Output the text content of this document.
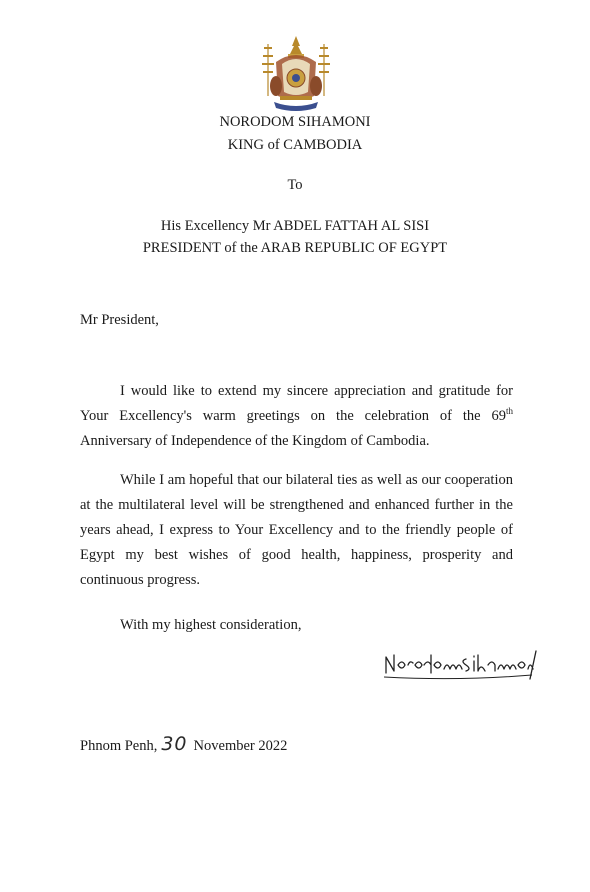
NORODOM SIHAMONI
KING of CAMBODIA
To
His Excellency Mr ABDEL FATTAH AL SISI
PRESIDENT of the ARAB REPUBLIC OF EGYPT
Mr President,

I would like to extend my sincere appreciation and gratitude for Your Excellency's warm greetings on the celebration of the 69th Anniversary of Independence of the Kingdom of Cambodia.

While I am hopeful that our bilateral ties as well as our cooperation at the multilateral level will be strengthened and enhanced further in the years ahead, I express to Your Excellency and to the friendly people of Egypt my best wishes of good health, happiness, prosperity and continuous progress.

With my highest consideration,
Phnom Penh, 30 November 2022
